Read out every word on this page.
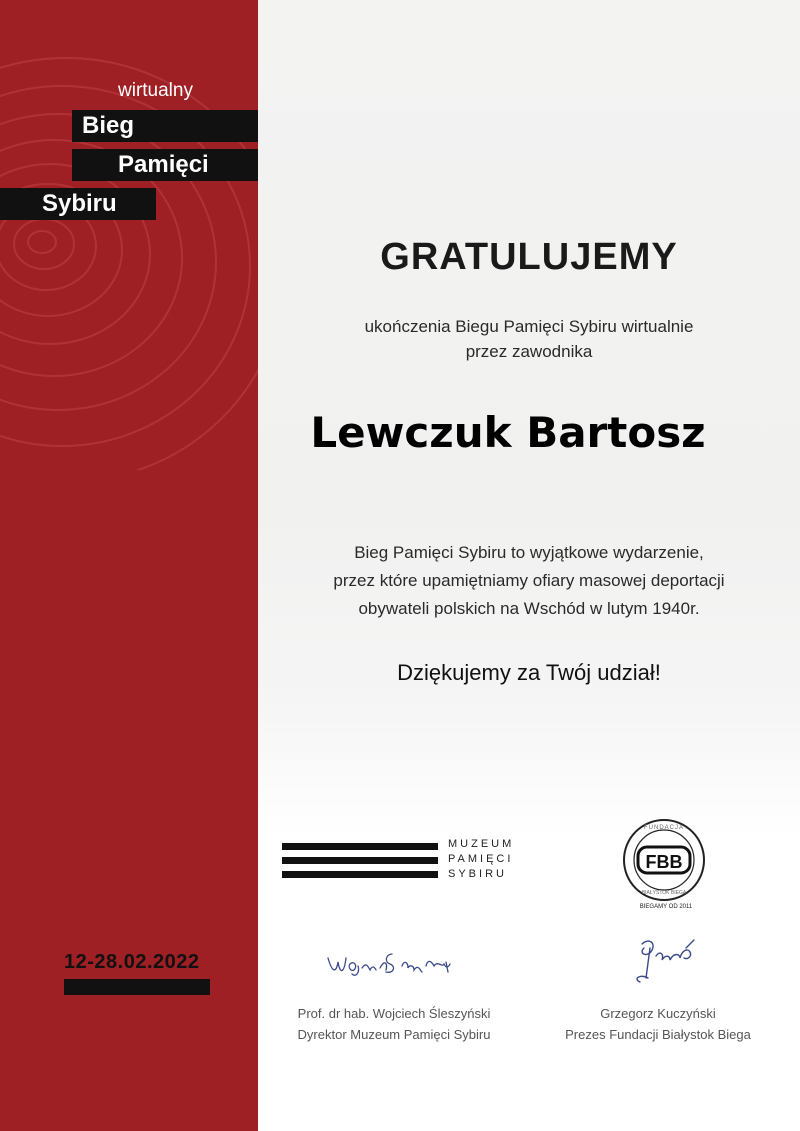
wirtualny
Bieg
Pamięci
Sybiru
12-28.02.2022
GRATULUJEMY
ukończenia Biegu Pamięci Sybiru wirtualnie
przez zawodnika
Lewczuk Bartosz
Bieg Pamięci Sybiru to wyjątkowe wydarzenie,
przez które upamiętniamy ofiary masowej deportacji
obywateli polskich na Wschód w lutym 1940r.
Dziękujemy za Twój udział!
MUZEUM
PAMIĘCI
SYBIRU
FBB
FUNDACJA
BIAŁYSTOK BIEGA
BIEGAMY OD 2011
Prof. dr hab. Wojciech Śleszyński
Dyrektor Muzeum Pamięci Sybiru
Grzegorz Kuczyński
Prezes Fundacji Białystok Biega
